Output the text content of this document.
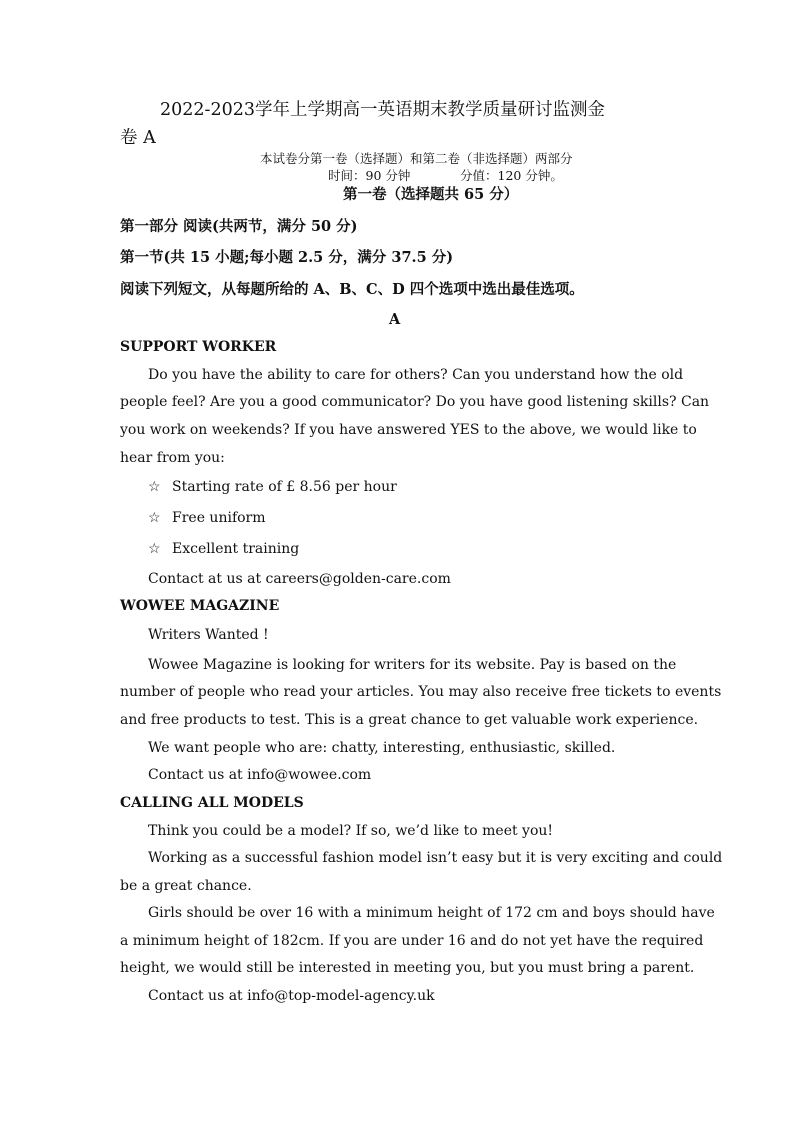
2022-2023学年上学期高一英语期末教学质量研讨监测金
卷 A
本试卷分第一卷（选择题）和第二卷（非选择题）两部分
时间：90 分钟	分值：120 分钟。
第一卷（选择题共 65 分）
第一部分 阅读(共两节，满分 50 分)
第一节(共 15 小题;每小题 2.5 分，满分 37.5 分)
阅读下列短文，从每题所给的 A、B、C、D 四个选项中选出最佳选项。
A
SUPPORT WORKER
Do you have the ability to care for others? Can you understand how the old
people feel? Are you a good communicator? Do you have good listening skills? Can
you work on weekends? If you have answered YES to the above, we would like to
hear from you:
☆ Starting rate of £ 8.56 per hour
☆ Free uniform
☆ Excellent training
Contact at us at careers@golden-care.com
WOWEE MAGAZINE
Writers Wanted !
Wowee Magazine is looking for writers for its website. Pay is based on the
number of people who read your articles. You may also receive free tickets to events
and free products to test. This is a great chance to get valuable work experience.
We want people who are: chatty, interesting, enthusiastic, skilled.
Contact us at info@wowee.com
CALLING ALL MODELS
Think you could be a model? If so, we’d like to meet you!
Working as a successful fashion model isn’t easy but it is very exciting and could
be a great chance.
Girls should be over 16 with a minimum height of 172 cm and boys should have
a minimum height of 182cm. If you are under 16 and do not yet have the required
height, we would still be interested in meeting you, but you must bring a parent.
Contact us at info@top-model-agency.uk
